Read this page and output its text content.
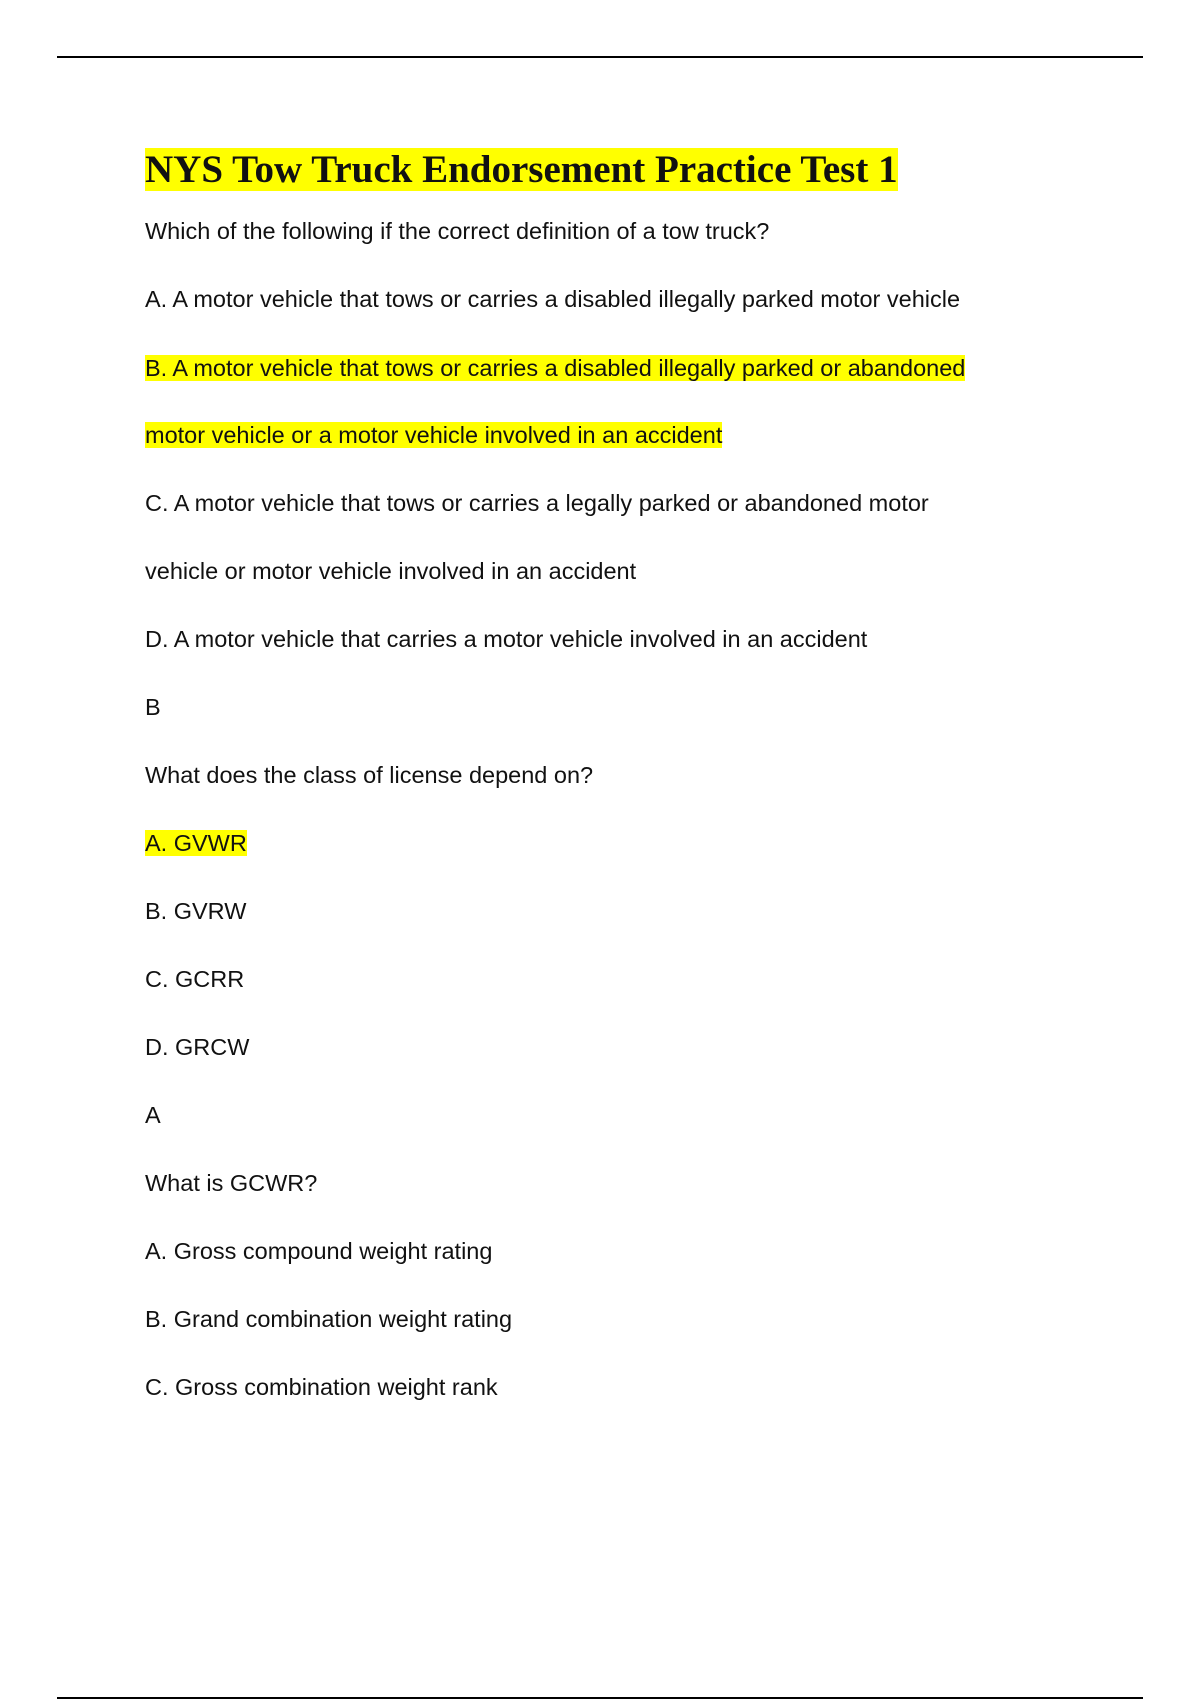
NYS Tow Truck Endorsement Practice Test 1
Which of the following if the correct definition of a tow truck?
A. A motor vehicle that tows or carries a disabled illegally parked motor vehicle
B. A motor vehicle that tows or carries a disabled illegally parked or abandoned
motor vehicle or a motor vehicle involved in an accident
C. A motor vehicle that tows or carries a legally parked or abandoned motor
vehicle or motor vehicle involved in an accident
D. A motor vehicle that carries a motor vehicle involved in an accident
B
What does the class of license depend on?
A. GVWR
B. GVRW
C. GCRR
D. GRCW
A
What is GCWR?
A. Gross compound weight rating
B. Grand combination weight rating
C. Gross combination weight rank
